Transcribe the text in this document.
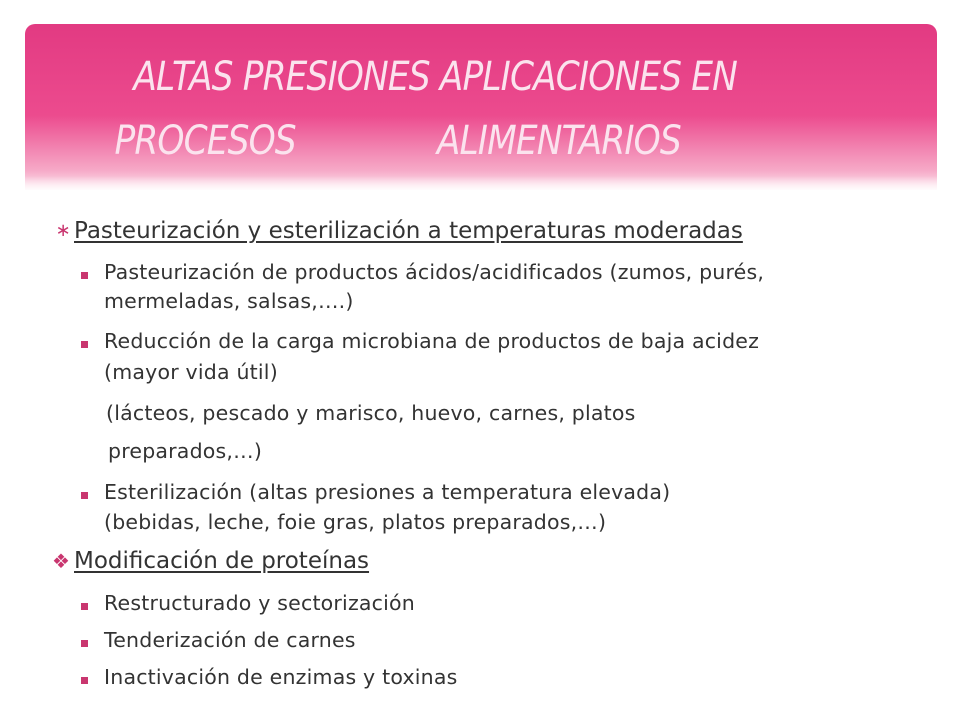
ALTAS PRESIONES APLICACIONES EN
PROCESOS              ALIMENTARIOS
∗ Pasteurización y esterilización a temperaturas moderadas
Pasteurización de productos ácidos/acidificados (zumos, purés,
mermeladas, salsas,….)
Reducción de la carga microbiana de productos de baja acidez
(mayor vida útil)
(lácteos, pescado y marisco, huevo, carnes, platos
preparados,…)
Esterilización (altas presiones a temperatura elevada)
(bebidas, leche, foie gras, platos preparados,…)
❖ Modificación de proteínas
Restructurado y sectorización
Tenderización de carnes
Inactivación de enzimas y toxinas
